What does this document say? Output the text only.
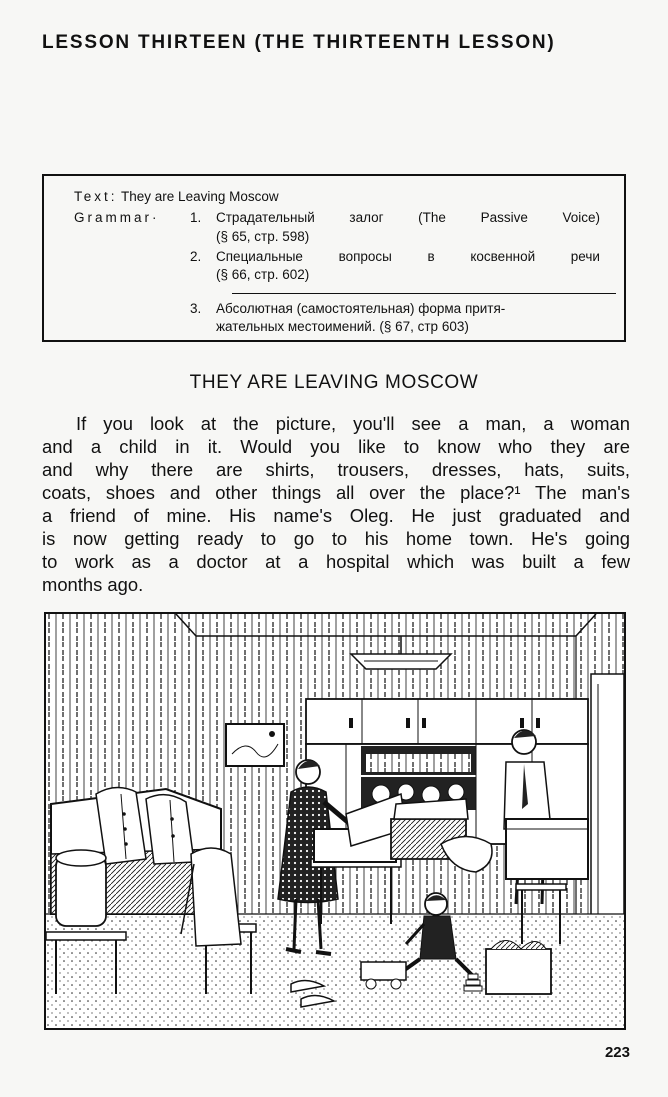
LESSON THIRTEEN (THE THIRTEENTH LESSON)
Text: They are Leaving Moscow
Grammar· 1. Страдательный	залог	(The	Passive	Voice)
(§ 65, стр. 598)
2. Специальные	вопросы	в	косвенной	речи
(§ 66, стр. 602)
3. Абсолютная (самостоятельная) форма притя-
жательных местоимений. (§ 67, стр 603)
THEY ARE LEAVING MOSCOW
If you look at the picture, you'll see a man, a woman
and a child in it. Would you like to know who they are
and why there are shirts, trousers, dresses, hats, suits,
coats, shoes and other things all over the place?¹ The man's
a friend of mine. His name's Oleg. He just graduated and
is now getting ready to go to his home town. He's going
to work as a doctor at a hospital which was built a few
months ago.
223
